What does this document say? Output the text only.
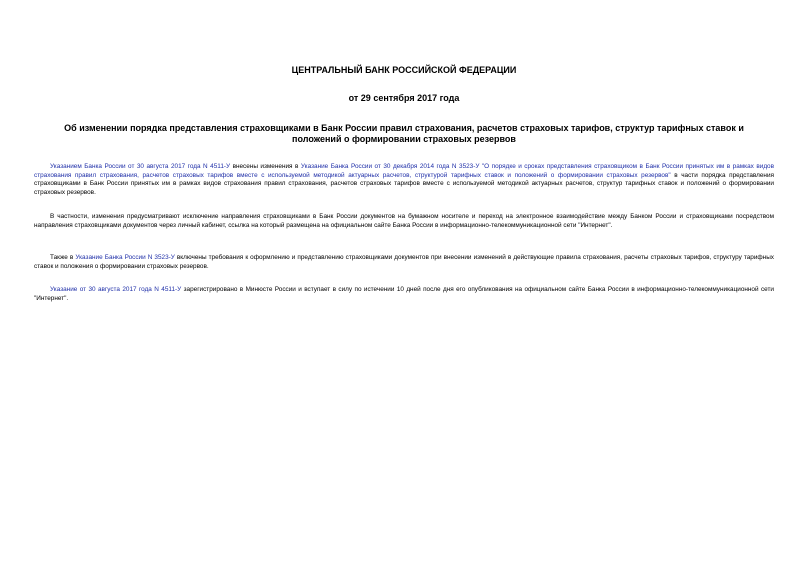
ЦЕНТРАЛЬНЫЙ БАНК РОССИЙСКОЙ ФЕДЕРАЦИИ

от 29 сентября 2017 года

Об изменении порядка представления страховщиками в Банк России правил страхования, расчетов страховых тарифов, структур тарифных ставок и положений о формировании страховых резервов

Указанием Банка России от 30 августа 2017 года N 4511-У внесены изменения в Указание Банка России от 30 декабря 2014 года N 3523-У "О порядке и сроках представления страховщиком в Банк России принятых им в рамках видов страхования правил страхования, расчетов страховых тарифов вместе с используемой методикой актуарных расчетов, структурой тарифных ставок и положений о формировании страховых резервов" в части порядка представления страховщиками в Банк России принятых им в рамках видов страхования правил страхования, расчетов страховых тарифов вместе с используемой методикой актуарных расчетов, структур тарифных ставок и положений о формировании страховых резервов.

В частности, изменения предусматривают исключение направления страховщиками в Банк России документов на бумажном носителе и переход на электронное взаимодействие между Банком России и страховщиками посредством направления страховщиками документов через личный кабинет, ссылка на который размещена на официальном сайте Банка России в информационно-телекоммуникационной сети "Интернет".

Также в Указание Банка России N 3523-У включены требования к оформлению и представлению страховщиками документов при внесении изменений в действующие правила страхования, расчеты страховых тарифов, структуру тарифных ставок и положения о формировании страховых резервов.

Указание от 30 августа 2017 года N 4511-У зарегистрировано в Минюсте России и вступает в силу по истечении 10 дней после дня его опубликования на официальном сайте Банка России в информационно-телекоммуникационной сети "Интернет".
